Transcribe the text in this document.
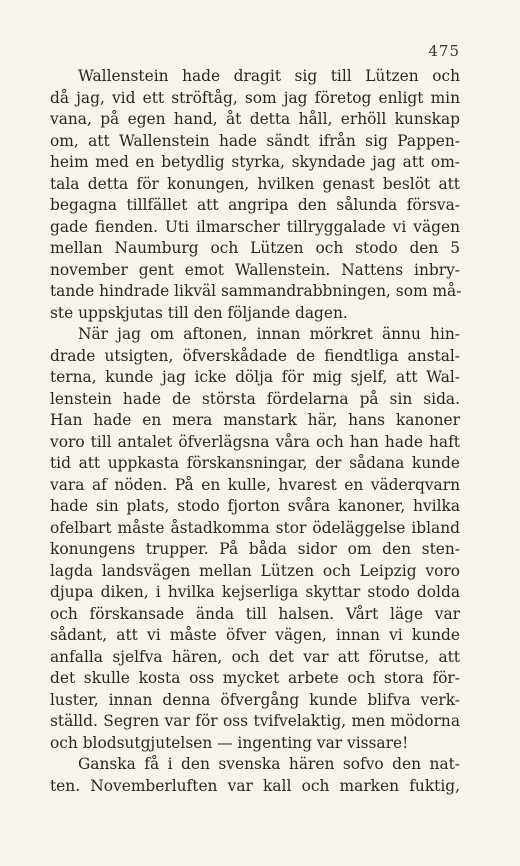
475
Wallenstein hade dragit sig till Lützen och
då jag, vid ett ströftåg, som jag företog enligt min
vana, på egen hand, åt detta håll, erhöll kunskap
om, att Wallenstein hade sändt ifrån sig Pappen-
heim med en betydlig styrka, skyndade jag att om-
tala detta för konungen, hvilken genast beslöt att
begagna tillfället att angripa den sålunda försva-
gade fienden. Uti ilmarscher tillryggalade vi vägen
mellan Naumburg och Lützen och stodo den 5
november gent emot Wallenstein. Nattens inbry-
tande hindrade likväl sammandrabbningen, som må-
ste uppskjutas till den följande dagen.
När jag om aftonen, innan mörkret ännu hin-
drade utsigten, öfverskådade de fiendtliga anstal-
terna, kunde jag icke dölja för mig sjelf, att Wal-
lenstein hade de största fördelarna på sin sida.
Han hade en mera manstark här, hans kanoner
voro till antalet öfverlägsna våra och han hade haft
tid att uppkasta förskansningar, der sådana kunde
vara af nöden. På en kulle, hvarest en väderqvarn
hade sin plats, stodo fjorton svåra kanoner, hvilka
ofelbart måste åstadkomma stor ödeläggelse ibland
konungens trupper. På båda sidor om den sten-
lagda landsvägen mellan Lützen och Leipzig voro
djupa diken, i hvilka kejserliga skyttar stodo dolda
och förskansade ända till halsen. Vårt läge var
sådant, att vi måste öfver vägen, innan vi kunde
anfalla sjelfva hären, och det var att förutse, att
det skulle kosta oss mycket arbete och stora för-
luster, innan denna öfvergång kunde blifva verk-
ställd. Segren var för oss tvifvelaktig, men mödorna
och blodsutgjutelsen — ingenting var vissare!
Ganska få i den svenska hären sofvo den nat-
ten. Novemberluften var kall och marken fuktig,
